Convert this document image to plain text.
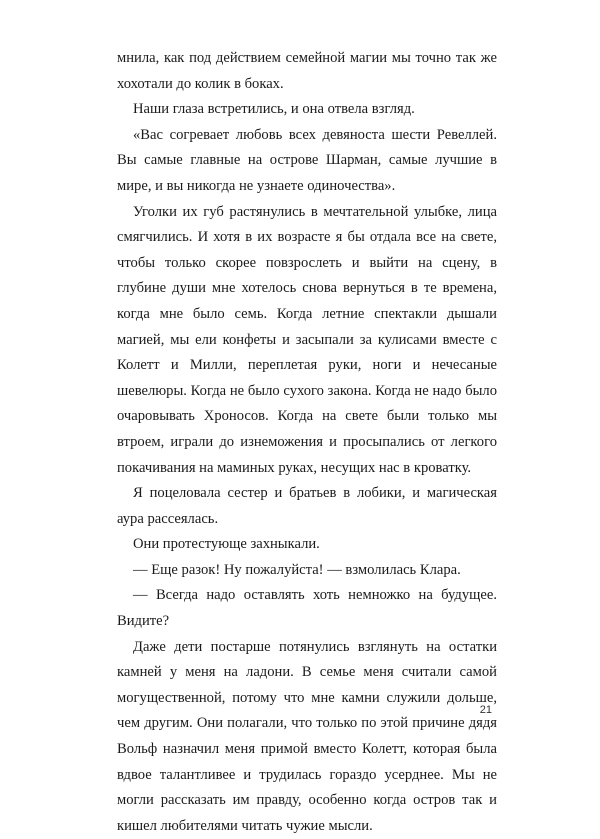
мнила, как под действием семейной магии мы точно так же хохотали до колик в боках.

Наши глаза встретились, и она отвела взгляд.

«Вас согревает любовь всех девяноста шести Ревеллей. Вы самые главные на острове Шарман, самые лучшие в мире, и вы никогда не узнаете одиночества».

Уголки их губ растянулись в мечтательной улыбке, лица смягчились. И хотя в их возрасте я бы отдала все на свете, чтобы только скорее повзрослеть и выйти на сцену, в глубине души мне хотелось снова вернуться в те времена, когда мне было семь. Когда летние спектакли дышали магией, мы ели конфеты и засыпали за кулисами вместе с Колетт и Милли, переплетая руки, ноги и нечесаные шевелюры. Когда не было сухого закона. Когда не надо было очаровывать Хроносов. Когда на свете были только мы втроем, играли до изнеможения и просыпались от легкого покачивания на маминых руках, несущих нас в кроватку.

Я поцеловала сестер и братьев в лобики, и магическая аура рассеялась.

Они протестующе захныкали.

— Еще разок! Ну пожалуйста! — взмолилась Клара.

— Всегда надо оставлять хоть немножко на будущее. Видите?

Даже дети постарше потянулись взглянуть на остатки камней у меня на ладони. В семье меня считали самой могущественной, потому что мне камни служили дольше, чем другим. Они полагали, что только по этой причине дядя Вольф назначил меня примой вместо Колетт, которая была вдвое талантливее и трудилась гораздо усерднее. Мы не могли рассказать им правду, особенно когда остров так и кишел любителями читать чужие мысли.

21
